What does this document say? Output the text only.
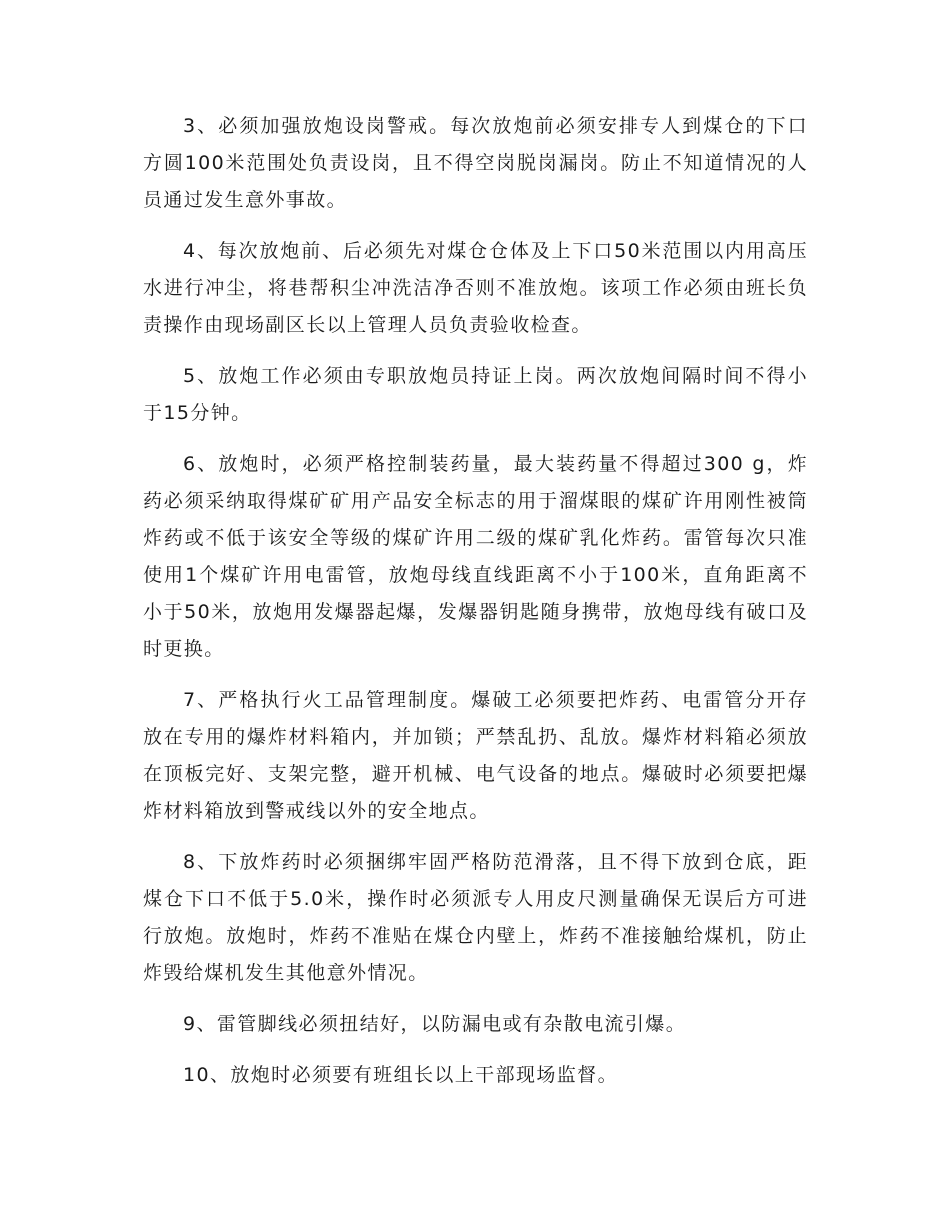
3、必须加强放炮设岗警戒。每次放炮前必须安排专人到煤仓的下口方圆100米范围处负责设岗，且不得空岗脱岗漏岗。防止不知道情况的人员通过发生意外事故。

4、每次放炮前、后必须先对煤仓仓体及上下口50米范围以内用高压水进行冲尘，将巷帮积尘冲洗洁净否则不准放炮。该项工作必须由班长负责操作由现场副区长以上管理人员负责验收检查。

5、放炮工作必须由专职放炮员持证上岗。两次放炮间隔时间不得小于15分钟。

6、放炮时，必须严格控制装药量，最大装药量不得超过300 g，炸药必须采纳取得煤矿矿用产品安全标志的用于溜煤眼的煤矿许用刚性被筒炸药或不低于该安全等级的煤矿许用二级的煤矿乳化炸药。雷管每次只准使用1个煤矿许用电雷管，放炮母线直线距离不小于100米，直角距离不小于50米，放炮用发爆器起爆，发爆器钥匙随身携带，放炮母线有破口及时更换。

7、严格执行火工品管理制度。爆破工必须要把炸药、电雷管分开存放在专用的爆炸材料箱内，并加锁；严禁乱扔、乱放。爆炸材料箱必须放在顶板完好、支架完整，避开机械、电气设备的地点。爆破时必须要把爆炸材料箱放到警戒线以外的安全地点。

8、下放炸药时必须捆绑牢固严格防范滑落，且不得下放到仓底，距煤仓下口不低于5.0米，操作时必须派专人用皮尺测量确保无误后方可进行放炮。放炮时，炸药不准贴在煤仓内壁上，炸药不准接触给煤机，防止炸毁给煤机发生其他意外情况。

9、雷管脚线必须扭结好，以防漏电或有杂散电流引爆。

10、放炮时必须要有班组长以上干部现场监督。
